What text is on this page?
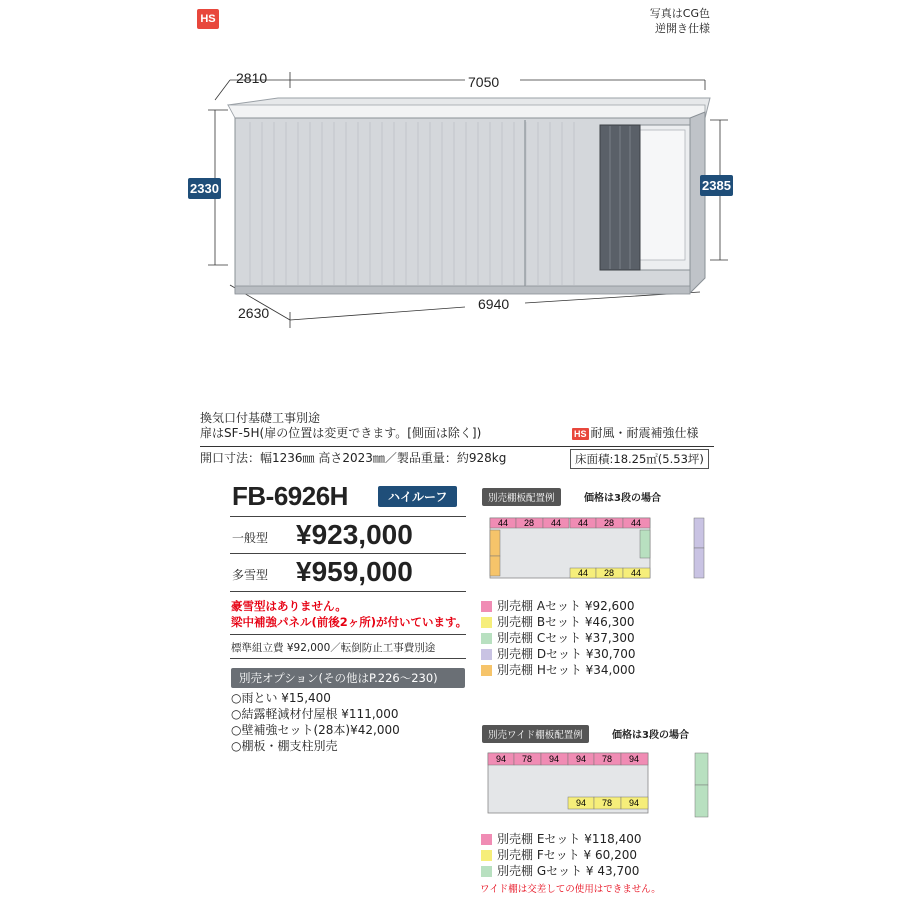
HS	写真はCG色
逆開き仕様
2810	7050
2630
6940
2330	2385
換気口付基礎工事別途
扉はSF-5H(扉の位置は変更できます。[側面は除く])	HS 耐風・耐震補強仕様
開口寸法：幅1236㎜ 高さ2023㎜／製品重量：約928kg	床面積:18.25㎡(5.53坪)
FB-6926H	ハイルーフ
一般型 ¥923,000
多雪型 ¥959,000
豪雪型はありません。
梁中補強パネル(前後2ヶ所)が付いています。
標準組立費 ¥92,000／転倒防止工事費別途
別売オプション(その他はP.226〜230)
○雨とい ¥15,400
○結露軽減材付屋根 ¥111,000
○壁補強セット(28本)¥42,000
○棚板・棚支柱別売
別売棚板配置例	価格は3段の場合
44 28 44 44 28 44
44 28 44
別売棚 Aセット ¥92,600
別売棚 Bセット ¥46,300
別売棚 Cセット ¥37,300
別売棚 Dセット ¥30,700
別売棚 Hセット ¥34,000
別売ワイド棚板配置例	価格は3段の場合
94 78 94 94 78 94
94 78 94
別売棚 Eセット ¥118,400
別売棚 Fセット ¥ 60,200
別売棚 Gセット ¥ 43,700
ワイド棚は交差しての使用はできません。
